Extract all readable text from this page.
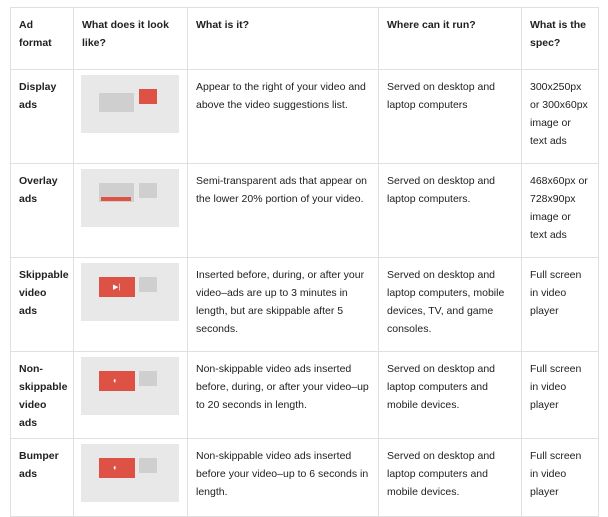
Ad format	What does it look like?	What is it?	Where can it run?	What is the spec?
Display ads		Appear to the right of your video and above the video suggestions list.	Served on desktop and laptop computers	300x250px or 300x60px image or text ads
Overlay ads		Semi-transparent ads that appear on the lower 20% portion of your video.	Served on desktop and laptop computers.	468x60px or 728x90px image or text ads
Skippable video ads	▶|	Inserted before, during, or after your video–ads are up to 3 minutes in length, but are skippable after 5 seconds.	Served on desktop and laptop computers, mobile devices, TV, and game consoles.	Full screen in video player
Non-skippable video ads	◐	Non-skippable video ads inserted before, during, or after your video–up to 20 seconds in length.	Served on desktop and laptop computers and mobile devices.	Full screen in video player
Bumper ads	◐	Non-skippable video ads inserted before your video–up to 6 seconds in length.	Served on desktop and laptop computers and mobile devices.	Full screen in video player
